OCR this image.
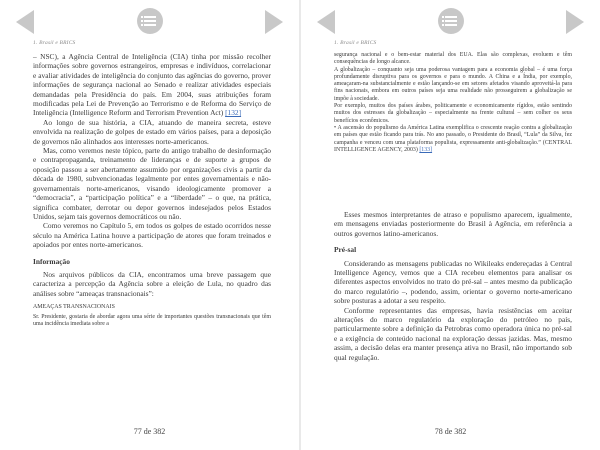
1. Brasil e BRICS

– NSC), a Agência Central de Inteligência (CIA) tinha por missão recolher informações sobre governos estrangeiros, empresas e indivíduos, correlacionar e avaliar atividades de inteligência do conjunto das agências do governo, prover informações de segurança nacional ao Senado e realizar atividades especiais demandadas pela Presidência do país. Em 2004, suas atribuições foram modificadas pela Lei de Prevenção ao Terrorismo e de Reforma do Serviço de Inteligência (Intelligence Reform and Terrorism Prevention Act) [132]

Ao longo de sua história, a CIA, atuando de maneira secreta, esteve envolvida na realização de golpes de estado em vários países, para a deposição de governos não alinhados aos interesses norte-americanos.

Mas, como veremos neste tópico, parte do antigo trabalho de desinformação e contrapropaganda, treinamento de lideranças e de suporte a grupos de oposição passou a ser abertamente assumido por organizações civis a partir da década de 1980, subvencionadas legalmente por entes governamentais e não-governamentais norte-americanos, visando ideologicamente promover a “democracia”, a “participação política” e a “liberdade” – o que, na prática, significa combater, derrotar ou depor governos indesejados pelos Estados Unidos, sejam tais governos democráticos ou não.

Como veremos no Capítulo 5, em todos os golpes de estado ocorridos nesse século na América Latina houve a participação de atores que foram treinados e apoiados por entes norte-americanos.

Informação

Nos arquivos públicos da CIA, encontramos uma breve passagem que caracteriza a percepção da Agência sobre a eleição de Lula, no quadro das análises sobre “ameaças transnacionais”:

AMEAÇAS TRANSNACIONAIS

Sr. Presidente, gostaria de abordar agora uma série de importantes questões transnacionais que têm uma incidência imediata sobre a

77 de 382
1. Brasil e BRICS

segurança nacional e o bem-estar material dos EUA. Elas são complexas, evoluem e têm consequências de longo alcance.

A globalização – conquanto seja uma poderosa vantagem para a economia global – é uma força profundamente disruptiva para os governos e para o mundo. A China e a Índia, por exemplo, ameaçaram-na substancialmente e estão lançando-se em setores afetados visando aproveitá-la para fins nacionais, embora em outros países seja uma realidade não prosseguirem a globalização se impõe à sociedade.

Por exemplo, muitos dos países árabes, politicamente e economicamente rígidos, estão sentindo muitos dos estresses da globalização – especialmente na frente cultural – sem colher os seus benefícios econômicos.

• A ascensão do populismo da América Latina exemplifica o crescente reação contra a globalização em países que estão ficando para trás. No ano passado, o Presidente do Brasil, “Lula” da Silva, fez campanha e venceu com uma plataforma populista, expressamente anti-globalização.” (CENTRAL INTELLIGENCE AGENCY, 2003) [133]

Esses mesmos interpretantes de atraso e populismo aparecem, igualmente, em mensagens enviadas posteriormente do Brasil à Agência, em referência a outros governos latino-americanos.

Pré-sal

Considerando as mensagens publicadas no Wikileaks endereçadas à Central Intelligence Agency, vemos que a CIA recebeu elementos para analisar os diferentes aspectos envolvidos no trato do pré-sal – antes mesmo da publicação do marco regulatório –, podendo, assim, orientar o governo norte-americano sobre posturas a adotar a seu respeito.

Conforme representantes das empresas, havia resistências em aceitar alterações do marco regulatório da exploração do petróleo no país, particularmente sobre a definição da Petrobras como operadora única no pré-sal e a exigência de conteúdo nacional na exploração dessas jazidas. Mas, mesmo assim, a decisão delas era manter presença ativa no Brasil, não importando sob qual regulação.

78 de 382
